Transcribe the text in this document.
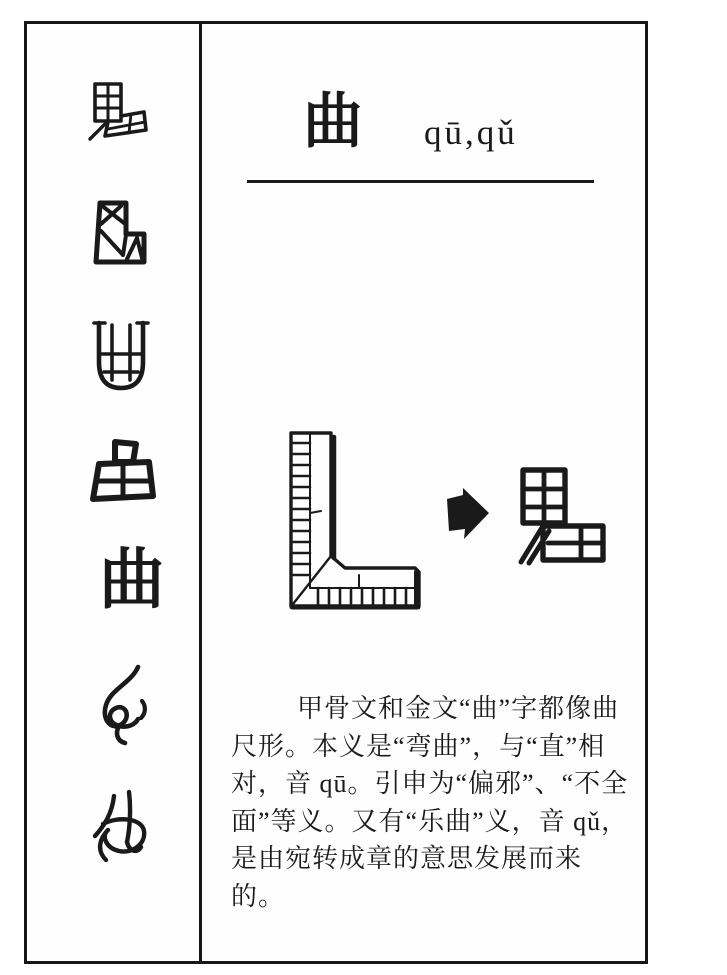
曲
曲 qū,qǔ
甲骨文和金文“曲”字都像曲
尺形。本义是“弯曲”，与“直”相
对，音 qū。引申为“偏邪”、“不全
面”等义。又有“乐曲”义，音 qǔ，
是由宛转成章的意思发展而来
的。
